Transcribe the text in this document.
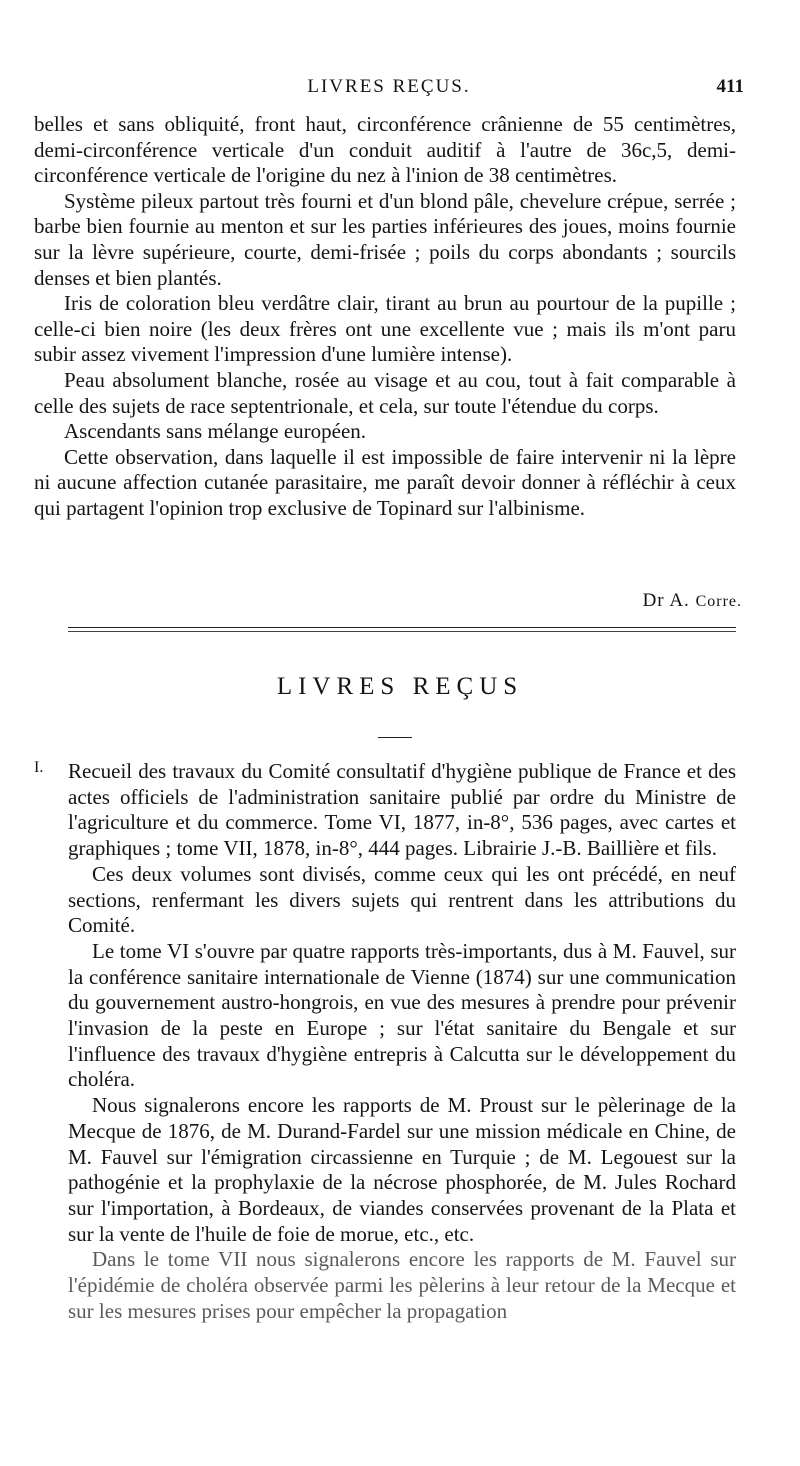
LIVRES REÇUS.	411

belles et sans obliquité, front haut, circonférence crânienne de 55 centimètres, demi-circonférence verticale d'un conduit auditif à l'autre de 36c,5, demi-circonférence verticale de l'origine du nez à l'inion de 38 centimètres.

Système pileux partout très fourni et d'un blond pâle, chevelure crépue, serrée ; barbe bien fournie au menton et sur les parties inférieures des joues, moins fournie sur la lèvre supérieure, courte, demi-frisée ; poils du corps abondants ; sourcils denses et bien plantés.

Iris de coloration bleu verdâtre clair, tirant au brun au pourtour de la pupille ; celle-ci bien noire (les deux frères ont une excellente vue ; mais ils m'ont paru subir assez vivement l'impression d'une lumière intense).

Peau absolument blanche, rosée au visage et au cou, tout à fait comparable à celle des sujets de race septentrionale, et cela, sur toute l'étendue du corps.

Ascendants sans mélange européen.

Cette observation, dans laquelle il est impossible de faire intervenir ni la lèpre ni aucune affection cutanée parasitaire, me paraît devoir donner à réfléchir à ceux qui partagent l'opinion trop exclusive de Topinard sur l'albinisme.

Dr A. Corre.
LIVRES REÇUS
I. Recueil des travaux du Comité consultatif d'hygiène publique de France et des actes officiels de l'administration sanitaire publié par ordre du Ministre de l'agriculture et du commerce. Tome VI, 1877, in-8°, 536 pages, avec cartes et graphiques ; tome VII, 1878, in-8°, 444 pages. Librairie J.-B. Baillière et fils.

Ces deux volumes sont divisés, comme ceux qui les ont précédé, en neuf sections, renfermant les divers sujets qui rentrent dans les attributions du Comité.

Le tome VI s'ouvre par quatre rapports très-importants, dus à M. Fauvel, sur la conférence sanitaire internationale de Vienne (1874) sur une communication du gouvernement austro-hongrois, en vue des mesures à prendre pour prévenir l'invasion de la peste en Europe ; sur l'état sanitaire du Bengale et sur l'influence des travaux d'hygiène entrepris à Calcutta sur le développement du choléra.

Nous signalerons encore les rapports de M. Proust sur le pèlerinage de la Mecque de 1876, de M. Durand-Fardel sur une mission médicale en Chine, de M. Fauvel sur l'émigration circassienne en Turquie ; de M. Legouest sur la pathogénie et la prophylaxie de la nécrose phosphorée, de M. Jules Rochard sur l'importation, à Bordeaux, de viandes conservées provenant de la Plata et sur la vente de l'huile de foie de morue, etc., etc.

Dans le tome VII nous signalerons encore les rapports de M. Fauvel sur l'épidémie de choléra observée parmi les pèlerins à leur retour de la Mecque et sur les mesures prises pour empêcher la propagation
